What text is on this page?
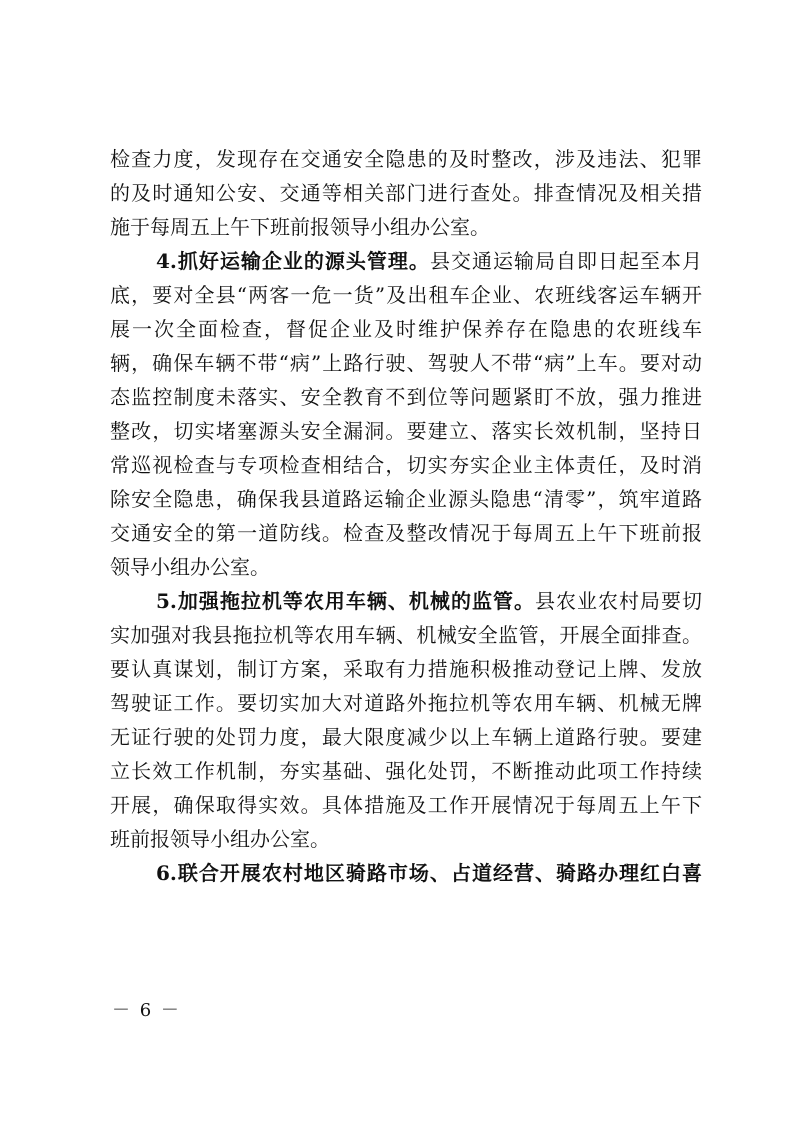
检查力度，发现存在交通安全隐患的及时整改，涉及违法、犯罪
的及时通知公安、交通等相关部门进行查处。排查情况及相关措
施于每周五上午下班前报领导小组办公室。
4.抓好运输企业的源头管理。县交通运输局自即日起至本月
底，要对全县“两客一危一货”及出租车企业、农班线客运车辆开
展一次全面检查，督促企业及时维护保养存在隐患的农班线车
辆，确保车辆不带“病”上路行驶、驾驶人不带“病”上车。要对动
态监控制度未落实、安全教育不到位等问题紧盯不放，强力推进
整改，切实堵塞源头安全漏洞。要建立、落实长效机制，坚持日
常巡视检查与专项检查相结合，切实夯实企业主体责任，及时消
除安全隐患，确保我县道路运输企业源头隐患“清零”，筑牢道路
交通安全的第一道防线。检查及整改情况于每周五上午下班前报
领导小组办公室。
5.加强拖拉机等农用车辆、机械的监管。县农业农村局要切
实加强对我县拖拉机等农用车辆、机械安全监管，开展全面排查。
要认真谋划，制订方案，采取有力措施积极推动登记上牌、发放
驾驶证工作。要切实加大对道路外拖拉机等农用车辆、机械无牌
无证行驶的处罚力度，最大限度减少以上车辆上道路行驶。要建
立长效工作机制，夯实基础、强化处罚，不断推动此项工作持续
开展，确保取得实效。具体措施及工作开展情况于每周五上午下
班前报领导小组办公室。
6.联合开展农村地区骑路市场、占道经营、骑路办理红白喜
－ 6 －
